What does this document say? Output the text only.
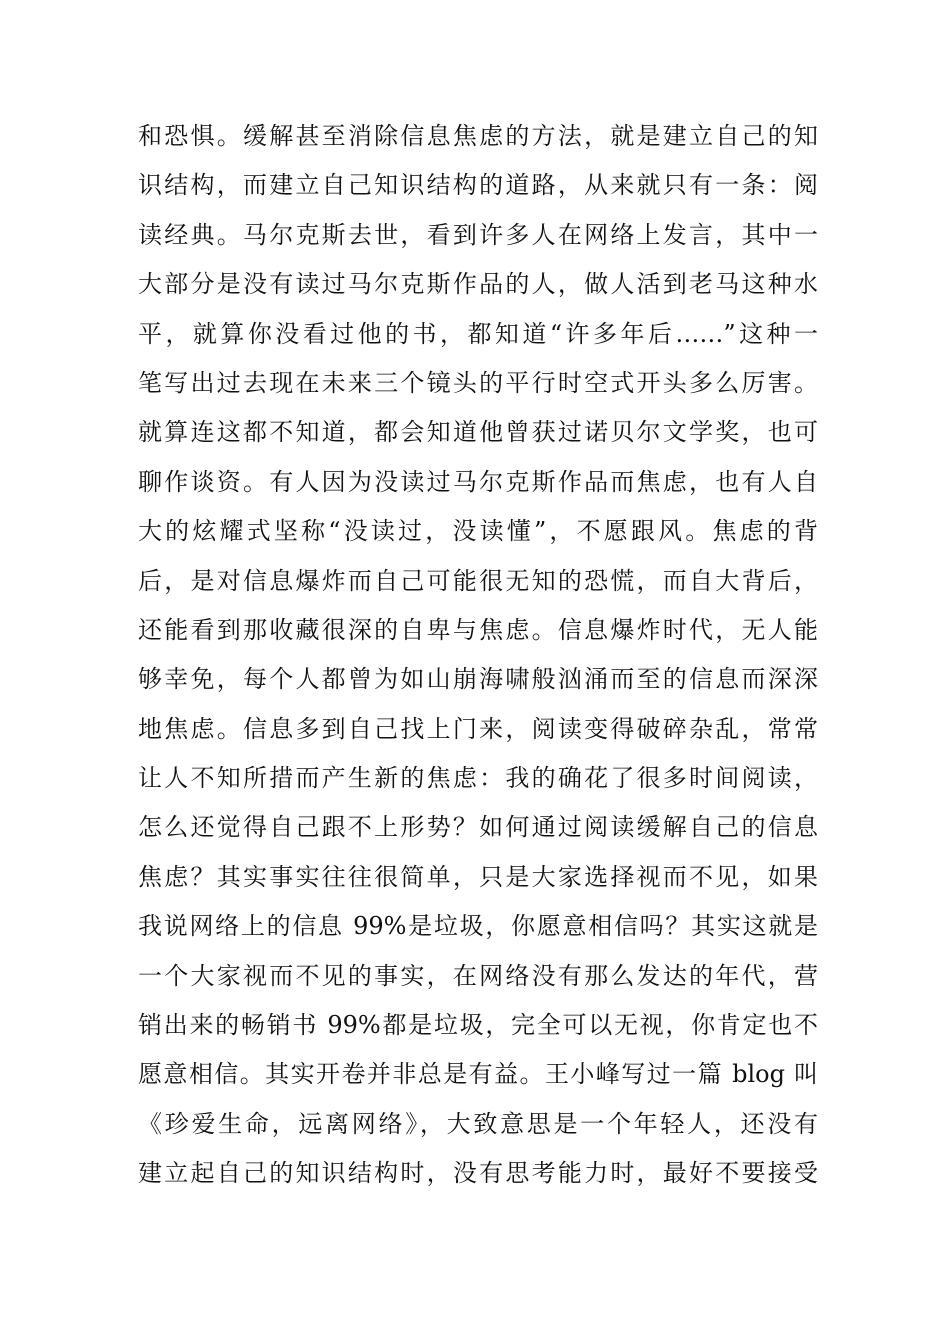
和恐惧。缓解甚至消除信息焦虑的方法，就是建立自己的知
识结构，而建立自己知识结构的道路，从来就只有一条：阅
读经典。马尔克斯去世，看到许多人在网络上发言，其中一
大部分是没有读过马尔克斯作品的人，做人活到老马这种水
平，就算你没看过他的书，都知道“许多年后……”这种一
笔写出过去现在未来三个镜头的平行时空式开头多么厉害。
就算连这都不知道，都会知道他曾获过诺贝尔文学奖，也可
聊作谈资。有人因为没读过马尔克斯作品而焦虑，也有人自
大的炫耀式坚称“没读过，没读懂”，不愿跟风。焦虑的背
后，是对信息爆炸而自己可能很无知的恐慌，而自大背后，
还能看到那收藏很深的自卑与焦虑。信息爆炸时代，无人能
够幸免，每个人都曾为如山崩海啸般汹涌而至的信息而深深
地焦虑。信息多到自己找上门来，阅读变得破碎杂乱，常常
让人不知所措而产生新的焦虑：我的确花了很多时间阅读，
怎么还觉得自己跟不上形势？如何通过阅读缓解自己的信息
焦虑？其实事实往往很简单，只是大家选择视而不见，如果
我说网络上的信息 99%是垃圾，你愿意相信吗？其实这就是
一个大家视而不见的事实，在网络没有那么发达的年代，营
销出来的畅销书 99%都是垃圾，完全可以无视，你肯定也不
愿意相信。其实开卷并非总是有益。王小峰写过一篇 blog 叫
《珍爱生命，远离网络》，大致意思是一个年轻人，还没有
建立起自己的知识结构时，没有思考能力时，最好不要接受
